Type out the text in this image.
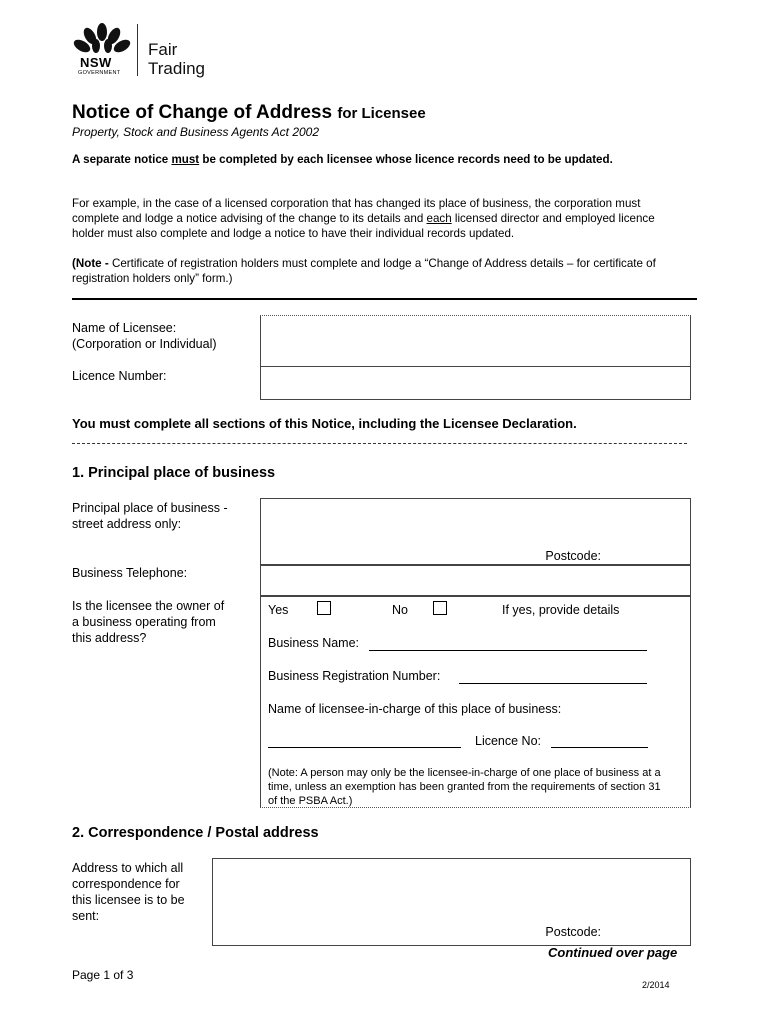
NSW
GOVERNMENT
Fair
Trading
Notice of Change of Address for Licensee
Property, Stock and Business Agents Act 2002
A separate notice must be completed by each licensee whose licence records need to be updated.
For example, in the case of a licensed corporation that has changed its place of business, the corporation must complete and lodge a notice advising of the change to its details and each licensed director and employed licence holder must also complete and lodge a notice to have their individual records updated.
(Note - Certificate of registration holders must complete and lodge a “Change of Address details – for certificate of registration holders only” form.)
Name of Licensee:
(Corporation or Individual)
Licence Number:
You must complete all sections of this Notice, including the Licensee Declaration.
1. Principal place of business
Principal place of business -
street address only:
Postcode:
Business Telephone:
Is the licensee the owner of
a business operating from
this address?
Yes	No	If yes, provide details
Business Name:
Business Registration Number:
Name of licensee-in-charge of this place of business:
Licence No:
(Note: A person may only be the licensee-in-charge of one place of business at a time, unless an exemption has been granted from the requirements of section 31 of the PSBA Act.)
2. Correspondence / Postal address
Address to which all
correspondence for
this licensee is to be
sent:
Postcode:
Continued over page
Page 1 of 3
2/2014
